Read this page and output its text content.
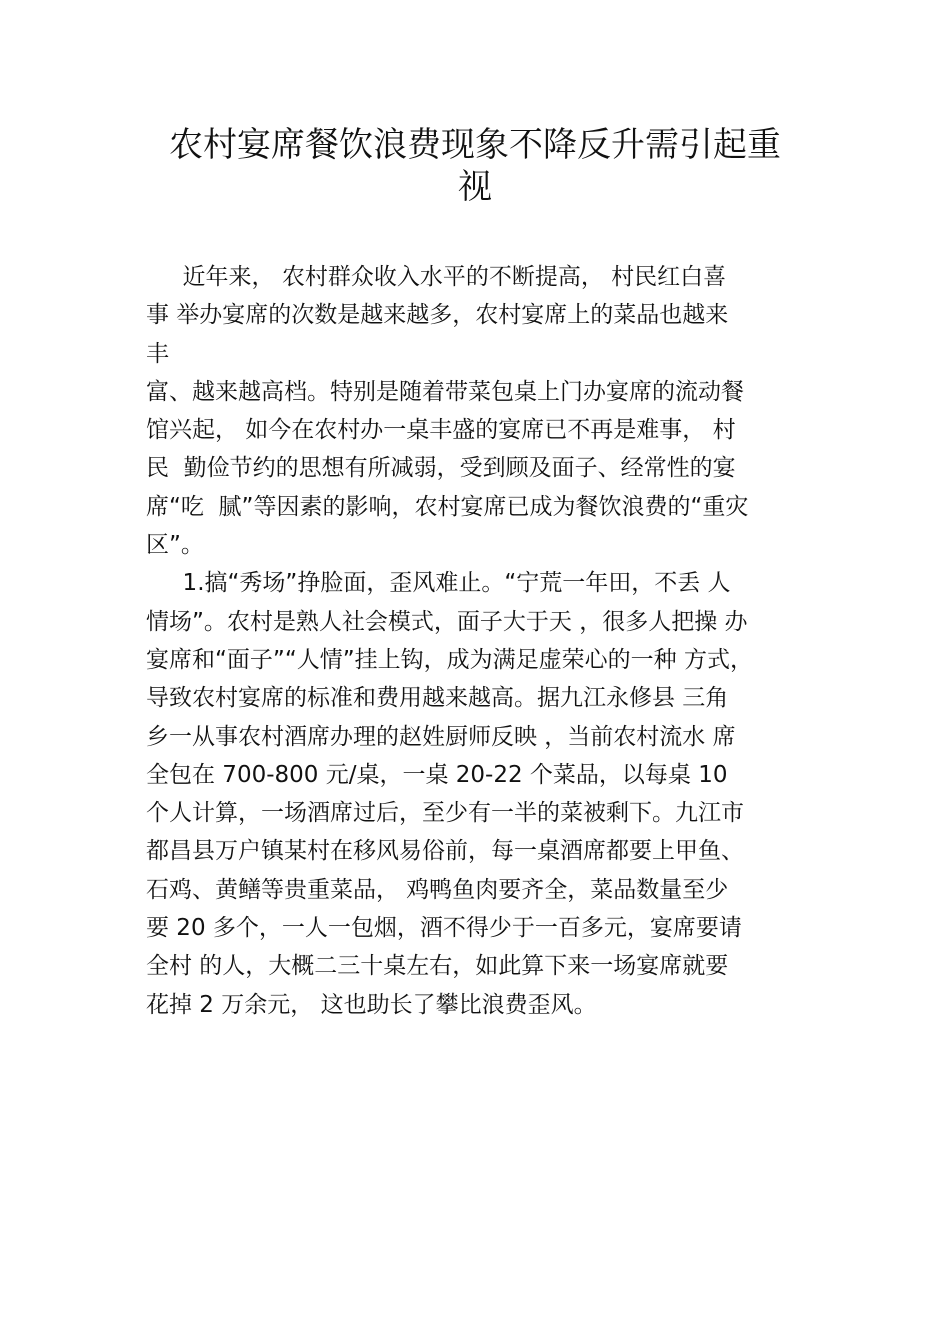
农村宴席餐饮浪费现象不降反升需引起重
视
近年来， 农村群众收入水平的不断提高， 村民红白喜
事 举办宴席的次数是越来越多，农村宴席上的菜品也越来
丰
富、越来越高档。特别是随着带菜包桌上门办宴席的流动餐
馆兴起， 如今在农村办一桌丰盛的宴席已不再是难事， 村
民  勤俭节约的思想有所减弱，受到顾及面子、经常性的宴
席“吃  腻”等因素的影响，农村宴席已成为餐饮浪费的“重灾
区”。
1.搞“秀场”挣脸面，歪风难止。“宁荒一年田，不丢 人
情场”。农村是熟人社会模式，面子大于天 ，很多人把操 办
宴席和“面子”“人情”挂上钩，成为满足虚荣心的一种 方式，
导致农村宴席的标准和费用越来越高。据九江永修县 三角
乡一从事农村酒席办理的赵姓厨师反映 ，当前农村流水 席
全包在 700-800 元/桌，一桌 20-22 个菜品，以每桌 10
个人计算，一场酒席过后，至少有一半的菜被剩下。九江市
都昌县万户镇某村在移风易俗前，每一桌酒席都要上甲鱼、
石鸡、黄鳝等贵重菜品， 鸡鸭鱼肉要齐全，菜品数量至少
要 20 多个，一人一包烟，酒不得少于一百多元，宴席要请
全村 的人，大概二三十桌左右，如此算下来一场宴席就要
花掉 2 万余元， 这也助长了攀比浪费歪风。
